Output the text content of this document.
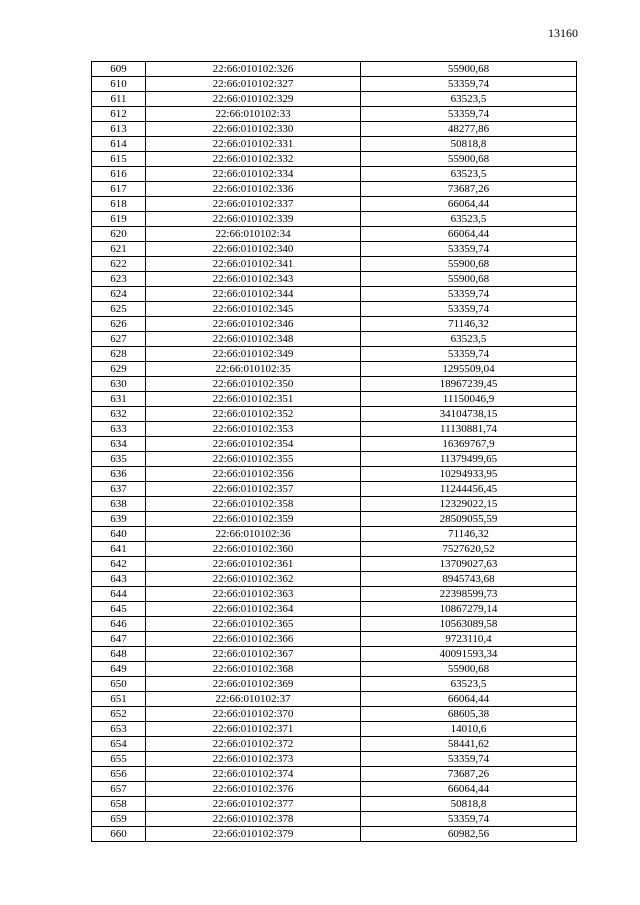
13160
609	22:66:010102:326	55900,68
610	22:66:010102:327	53359,74
611	22:66:010102:329	63523,5
612	22:66:010102:33	53359,74
613	22:66:010102:330	48277,86
614	22:66:010102:331	50818,8
615	22:66:010102:332	55900,68
616	22:66:010102:334	63523,5
617	22:66:010102:336	73687,26
618	22:66:010102:337	66064,44
619	22:66:010102:339	63523,5
620	22:66:010102:34	66064,44
621	22:66:010102:340	53359,74
622	22:66:010102:341	55900,68
623	22:66:010102:343	55900,68
624	22:66:010102:344	53359,74
625	22:66:010102:345	53359,74
626	22:66:010102:346	71146,32
627	22:66:010102:348	63523,5
628	22:66:010102:349	53359,74
629	22:66:010102:35	1295509,04
630	22:66:010102:350	18967239,45
631	22:66:010102:351	11150046,9
632	22:66:010102:352	34104738,15
633	22:66:010102:353	11130881,74
634	22:66:010102:354	16369767,9
635	22:66:010102:355	11379499,65
636	22:66:010102:356	10294933,95
637	22:66:010102:357	11244456,45
638	22:66:010102:358	12329022,15
639	22:66:010102:359	28509055,59
640	22:66:010102:36	71146,32
641	22:66:010102:360	7527620,52
642	22:66:010102:361	13709027,63
643	22:66:010102:362	8945743,68
644	22:66:010102:363	22398599,73
645	22:66:010102:364	10867279,14
646	22:66:010102:365	10563089,58
647	22:66:010102:366	9723110,4
648	22:66:010102:367	40091593,34
649	22:66:010102:368	55900,68
650	22:66:010102:369	63523,5
651	22:66:010102:37	66064,44
652	22:66:010102:370	68605,38
653	22:66:010102:371	14010,6
654	22:66:010102:372	58441,62
655	22:66:010102:373	53359,74
656	22:66:010102:374	73687,26
657	22:66:010102:376	66064,44
658	22:66:010102:377	50818,8
659	22:66:010102:378	53359,74
660	22:66:010102:379	60982,56
